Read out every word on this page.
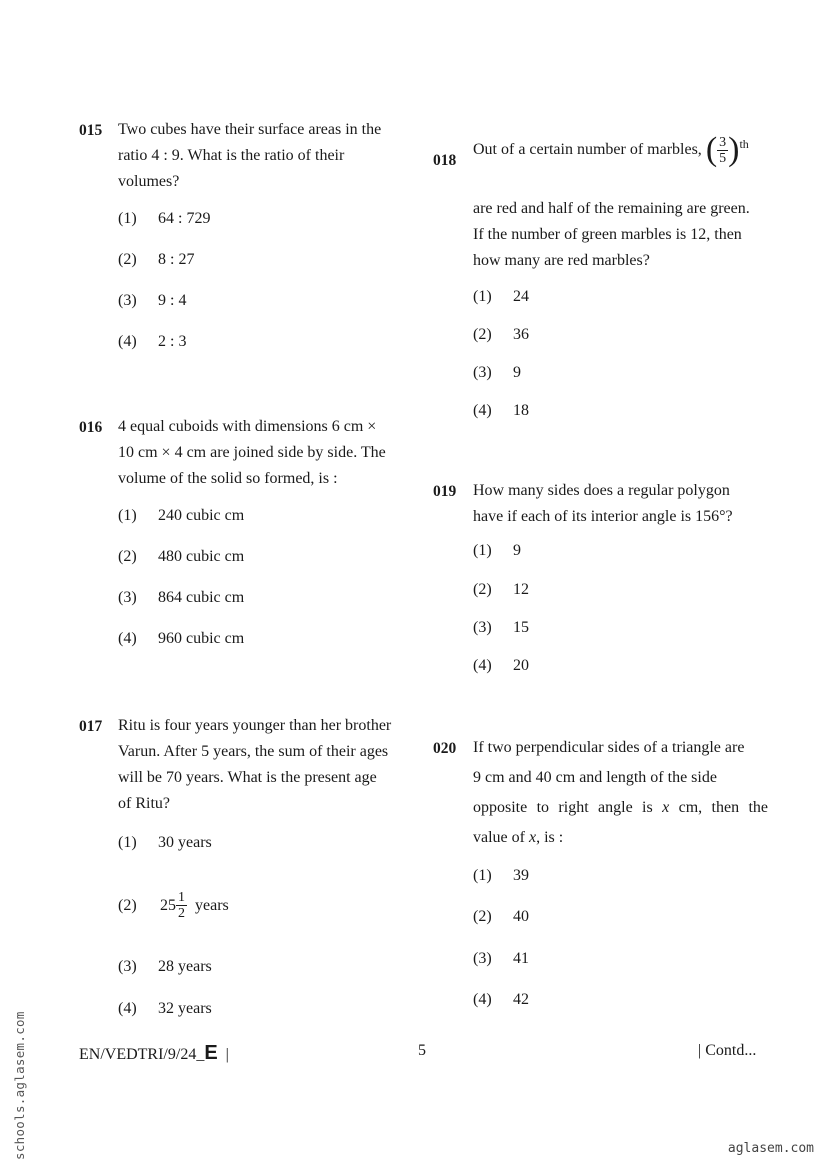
015 Two cubes have their surface areas in the
ratio 4 : 9. What is the ratio of their
volumes?
(1) 64 : 729
(2) 8 : 27
(3) 9 : 4
(4) 2 : 3
016 4 equal cuboids with dimensions 6 cm ×
10 cm × 4 cm are joined side by side. The
volume of the solid so formed, is :
(1) 240 cubic cm
(2) 480 cubic cm
(3) 864 cubic cm
(4) 960 cubic cm
017 Ritu is four years younger than her brother
Varun. After 5 years, the sum of their ages
will be 70 years. What is the present age
of Ritu?
(1) 30 years
(2) $25 \frac{1}{2}$ years
(3) 28 years
(4) 32 years
018
Out of a certain number of marbles, ( $\frac{3}{5} )^{th}$
are red and half of the remaining are green.
If the number of green marbles is 12, then
how many are red marbles?
(1) 24
(2) 36
(3) 9
(4) 18
019 How many sides does a regular polygon
have if each of its interior angle is 156°?
(1) 9
(2) 12
(3) 15
(4) 20
020 If two perpendicular sides of a triangle are
9 cm and 40 cm and length of the side
opposite to right angle is x cm, then the
value of x, is :
(1) 39
(2) 40
(3) 41
(4) 42
EN/VEDTRI/9/24_E |	5	| Contd...
schools.aglasem.com	aglasem.com
